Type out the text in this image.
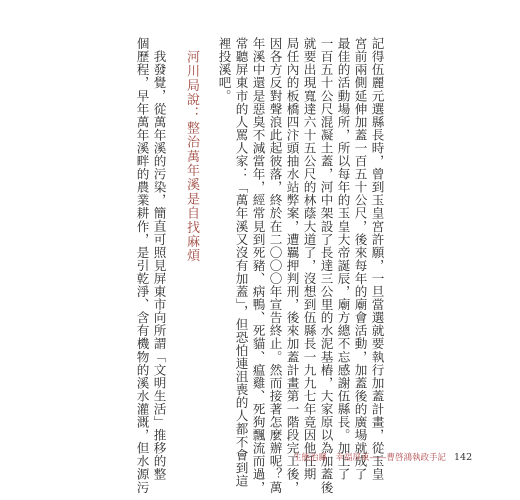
記得伍麗元選縣長時，曾到玉皇宮許願，一旦當選就要執行加蓋計畫，從玉皇
宮前兩側延伸加蓋一百五十公尺，後來每年的廟會活動，加蓋後的廣場就成了
最佳的活動場所，所以每年的玉皇大帝誕辰，廟方總不忘感謝伍縣長。加上了
一百五十公尺混凝土蓋，河中架設了長達三公里的水泥基樁，大家原以為加蓋後
就要出現寬達六十五公尺的林蔭大道了，沒想到伍縣長一九九七年竟因他任期
局任內的板橋四汴頭抽水站弊案，遭羈押判刑，後來加蓋計畫第一階段完工後，
因各方反對聲浪此起彼落，終於在二〇〇〇年宣告終止。然而接著怎麼辦呢？萬
年溪中還是惡臭不減當年，經常見到死豬、病鴨、死貓、瘟雞、死狗飄流而過，
常聽屏東市的人罵人家：「萬年溪又沒有加蓋」，但恐怕連沮喪的人都不會到這
裡投溪吧。
河川局說：整治萬年溪是自找麻煩
我發覺，從萬年溪的污染，簡直可照見屏東市向所謂「文明生活」推移的整
個歷程，早年萬年溪畔的農業耕作，是引乾淨、含有機物的溪水灌溉，但水源污	生態治縣　幸福屏東——曹啓鴻執政手記 142
